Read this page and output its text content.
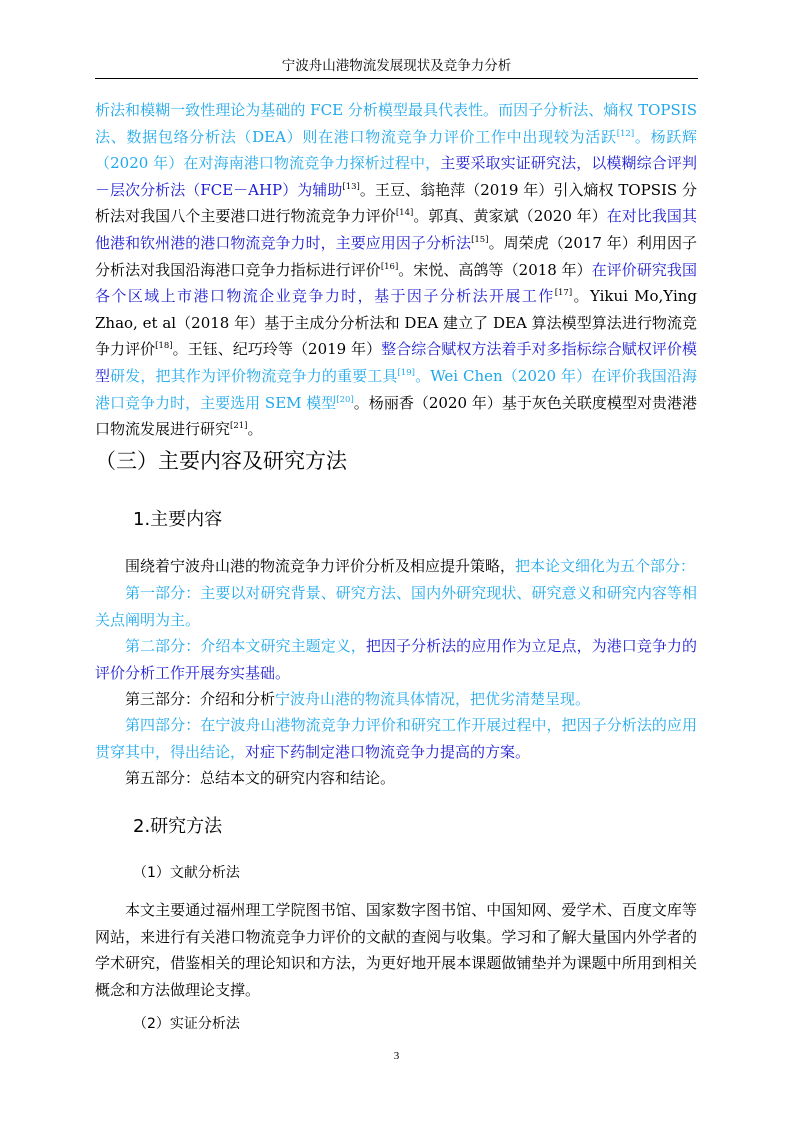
宁波舟山港物流发展现状及竞争力分析

析法和模糊一致性理论为基础的 FCE 分析模型最具代表性。而因子分析法、熵权 TOPSIS 法、数据包络分析法（DEA）则在港口物流竞争力评价工作中出现较为活跃[12]。杨跃辉（2020 年）在对海南港口物流竞争力探析过程中，主要采取实证研究法，以模糊综合评判－层次分析法（FCE－AHP）为辅助[13]。王豆、翁艳萍（2019 年）引入熵权 TOPSIS 分析法对我国八个主要港口进行物流竞争力评价[14]。郭真、黄家斌（2020 年）在对比我国其他港和钦州港的港口物流竞争力时，主要应用因子分析法[15]。周荣虎（2017 年）利用因子分析法对我国沿海港口竞争力指标进行评价[16]。宋悦、高鸽等（2018 年）在评价研究我国各个区域上市港口物流企业竞争力时，基于因子分析法开展工作[17]。Yikui Mo,Ying Zhao, et al（2018 年）基于主成分分析法和 DEA 建立了 DEA 算法模型算法进行物流竞争力评价[18]。王钰、纪巧玲等（2019 年）整合综合赋权方法着手对多指标综合赋权评价模型研发，把其作为评价物流竞争力的重要工具[19]。Wei Chen（2020 年）在评价我国沿海港口竞争力时，主要选用 SEM 模型[20]。杨丽香（2020 年）基于灰色关联度模型对贵港港口物流发展进行研究[21]。

（三）主要内容及研究方法
1.主要内容

围绕着宁波舟山港的物流竞争力评价分析及相应提升策略，把本论文细化为五个部分：

第一部分：主要以对研究背景、研究方法、国内外研究现状、研究意义和研究内容等相关点阐明为主。

第二部分：介绍本文研究主题定义，把因子分析法的应用作为立足点，为港口竞争力的评价分析工作开展夯实基础。

第三部分：介绍和分析宁波舟山港的物流具体情况，把优劣清楚呈现。

第四部分：在宁波舟山港物流竞争力评价和研究工作开展过程中，把因子分析法的应用贯穿其中，得出结论，对症下药制定港口物流竞争力提高的方案。

第五部分：总结本文的研究内容和结论。

2.研究方法
（1）文献分析法

本文主要通过福州理工学院图书馆、国家数字图书馆、中国知网、爱学术、百度文库等网站，来进行有关港口物流竞争力评价的文献的查阅与收集。学习和了解大量国内外学者的学术研究，借鉴相关的理论知识和方法，为更好地开展本课题做铺垫并为课题中所用到相关概念和方法做理论支撑。

（2）实证分析法
3
